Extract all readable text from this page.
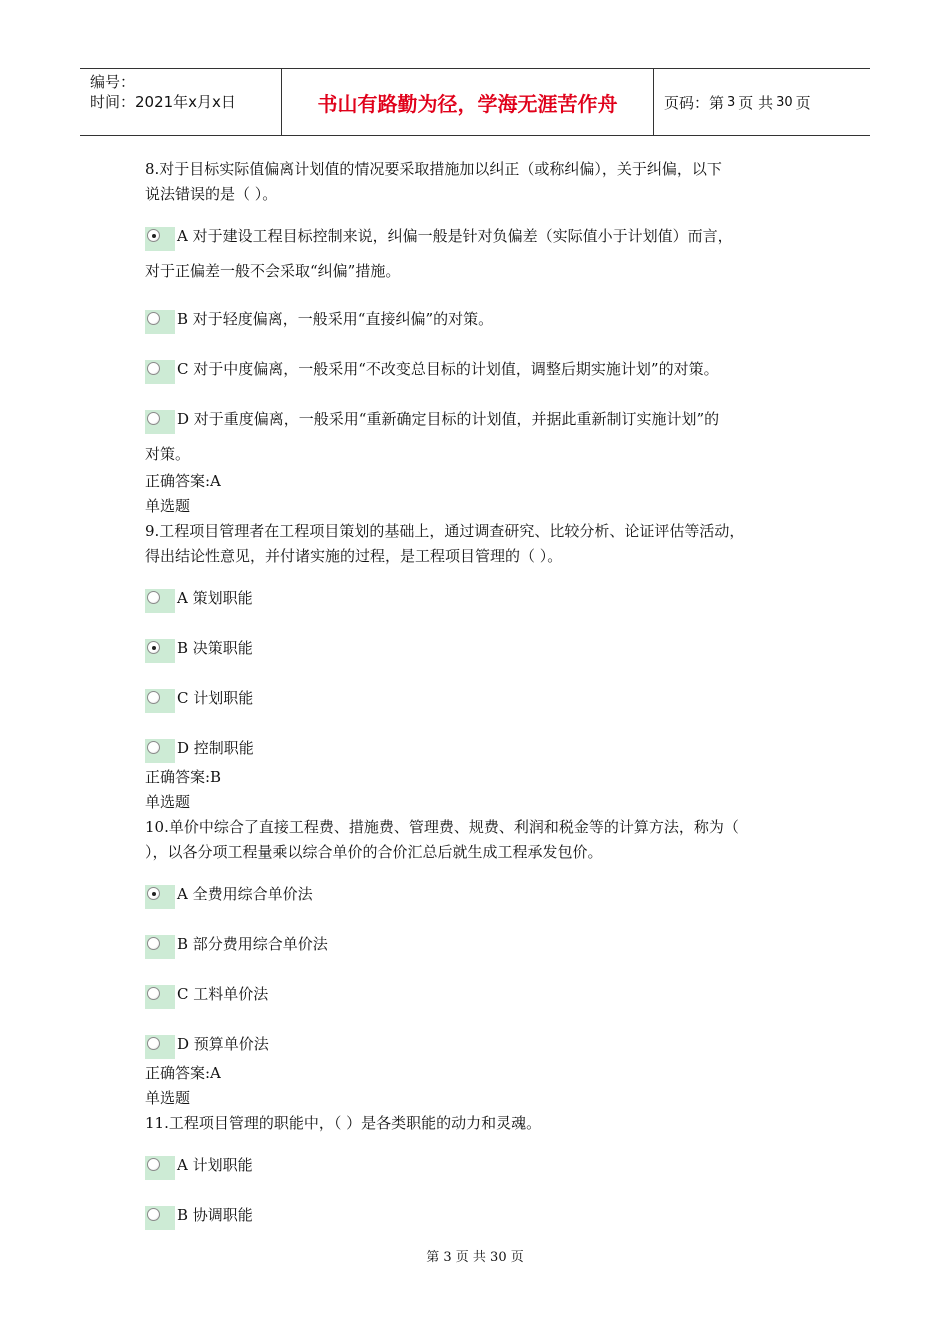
编号：
时间：2021年x月x日	书山有路勤为径，学海无涯苦作舟	页码：第 3 页 共 30 页
8.对于目标实际值偏离计划值的情况要采取措施加以纠正（或称纠偏），关于纠偏，以下
说法错误的是（ ）。
A 对于建设工程目标控制来说，纠偏一般是针对负偏差（实际值小于计划值）而言，
对于正偏差一般不会采取“纠偏”措施。
B 对于轻度偏离，一般采用“直接纠偏”的对策。
C 对于中度偏离，一般采用“不改变总目标的计划值，调整后期实施计划”的对策。
D 对于重度偏离，一般采用“重新确定目标的计划值，并据此重新制订实施计划”的
对策。
正确答案:A
单选题
9.工程项目管理者在工程项目策划的基础上，通过调查研究、比较分析、论证评估等活动，
得出结论性意见，并付诸实施的过程，是工程项目管理的（ ）。
A 策划职能
B 决策职能
C 计划职能
D 控制职能
正确答案:B
单选题
10.单价中综合了直接工程费、措施费、管理费、规费、利润和税金等的计算方法，称为（
），以各分项工程量乘以综合单价的合价汇总后就生成工程承发包价。
A 全费用综合单价法
B 部分费用综合单价法
C 工料单价法
D 预算单价法
正确答案:A
单选题
11.工程项目管理的职能中，（ ）是各类职能的动力和灵魂。
A 计划职能
B 协调职能
第 3 页 共 30 页
